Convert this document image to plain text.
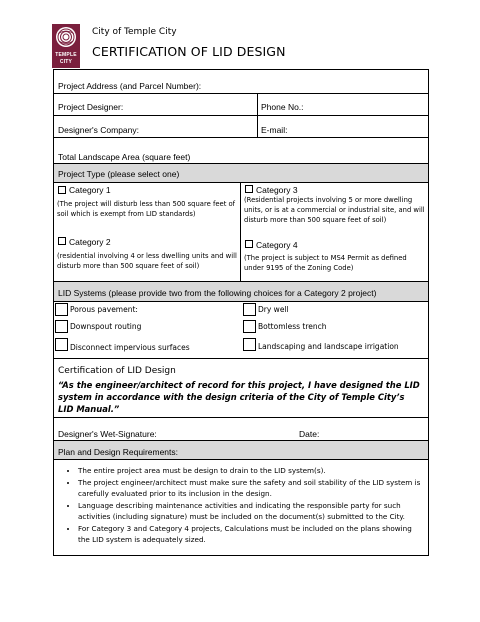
TEMPLE
CITY
City of Temple City
CERTIFICATION OF LID DESIGN
Project Address (and Parcel Number):
Project Designer:	Phone No.:
Designer's Company:	E-mail:
Total Landscape Area (square feet)
Project Type (please select one)
Category 1
(The project will disturb less than 500 square feet of soil which is exempt from LID standards)
Category 3
(Residential projects involving 5 or more dwelling units, or is at a commercial or industrial site, and will disturb more than 500 square feet of soil)
Category 2
(residential involving 4 or less dwelling units and will disturb more than 500 square feet of soil)
Category 4
(The project is subject to MS4 Permit as defined under 9195 of the Zoning Code)
LID Systems (please provide two from the following choices for a Category 2 project)
Porous pavement:	Dry well
Downspout routing	Bottomless trench
Disconnect impervious surfaces	Landscaping and landscape irrigation
Certification of LID Design
“As the engineer/architect of record for this project, I have designed the LID system in accordance with the design criteria of the City of Temple City’s LID Manual.”
Designer's Wet-Signature:	Date:
Plan and Design Requirements:
• The entire project area must be design to drain to the LID system(s).
• The project engineer/architect must make sure the safety and soil stability of the LID system is carefully evaluated prior to its inclusion in the design.
• Language describing maintenance activities and indicating the responsible party for such activities (including signature) must be included on the document(s) submitted to the City.
• For Category 3 and Category 4 projects, Calculations must be included on the plans showing the LID system is adequately sized.
